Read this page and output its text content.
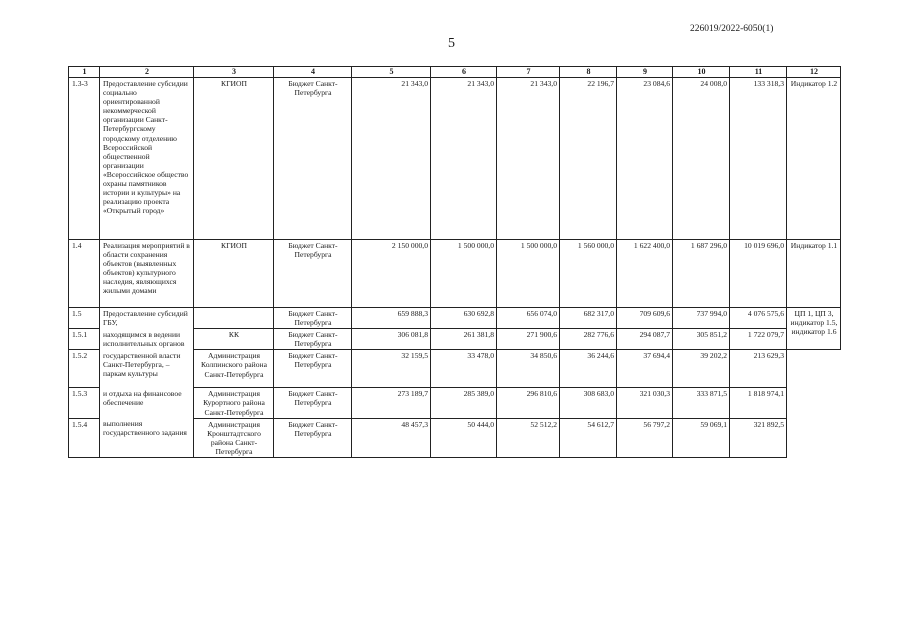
226019/2022-6050(1)
5
1	2	3	4	5	6	7	8	9	10	11	12
1.3-3	Предоставление субсидии социально ориентированной некоммерческой организации Санкт-Петербургскому городскому отделению Всероссийской общественной организации «Всероссийское общество охраны памятников истории и культуры» на реализацию проекта «Открытый город»	КГИОП	Бюджет Санкт-Петербурга	21 343,0	21 343,0	21 343,0	22 196,7	23 084,6	24 008,0	133 318,3	Индикатор 1.2
1.4	Реализация мероприятий в области сохранения объектов (выявленных объектов) культурного наследия, являющихся жилыми домами	КГИОП	Бюджет Санкт-Петербурга	2 150 000,0	1 500 000,0	1 500 000,0	1 560 000,0	1 622 400,0	1 687 296,0	10 019 696,0	Индикатор 1.1
1.5	Предоставление субсидий ГБУ,		Бюджет Санкт-Петербурга	659 888,3	630 692,8	656 074,0	682 317,0	709 609,6	737 994,0	4 076 575,6	ЦП 1, ЦП 3, индикатор 1.5, индикатор 1.6
1.5.1	находящимся в ведении исполнительных органов	КК	Бюджет Санкт-Петербурга	306 081,8	261 381,8	271 900,6	282 776,6	294 087,7	305 851,2	1 722 079,7	
1.5.2	государственной власти Санкт-Петербурга, – паркам культуры	Администрация Колпинского района Санкт-Петербурга	Бюджет Санкт-Петербурга	32 159,5	33 478,0	34 850,6	36 244,6	37 694,4	39 202,2	213 629,3	
1.5.3	и отдыха на финансовое обеспечение	Администрация Курортного района Санкт-Петербурга	Бюджет Санкт-Петербурга	273 189,7	285 389,0	296 810,6	308 683,0	321 030,3	333 871,5	1 818 974,1	
1.5.4	выполнения государственного задания	Администрация Кронштадтского района Санкт-Петербурга	Бюджет Санкт-Петербурга	48 457,3	50 444,0	52 512,2	54 612,7	56 797,2	59 069,1	321 892,5	
